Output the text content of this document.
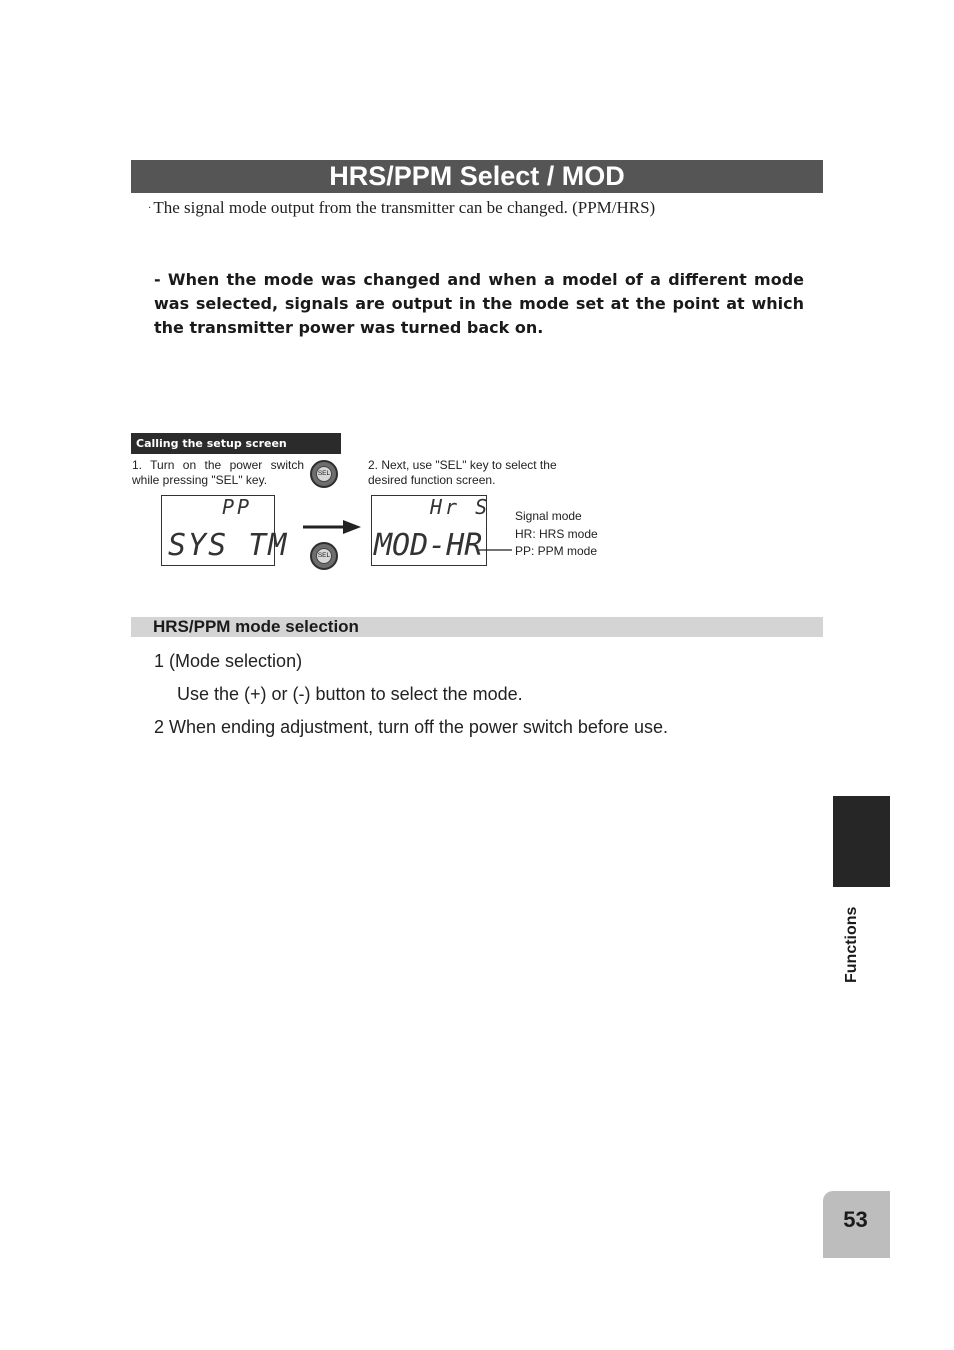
HRS/PPM Select / MOD
· The signal mode output from the transmitter can be changed. (PPM/HRS)
- When the mode was changed and when a model of a different mode was selected, signals are output in the mode set at the point at which the transmitter power was turned back on.
Calling the setup screen
1. Turn on the power switch while pressing "SEL" key.
2. Next, use "SEL" key to select the desired function screen.
SEL
SEL
PP
SYS TM
Hr S
MOD-HR
Signal mode
HR: HRS mode
PP: PPM mode
HRS/PPM mode selection
1 (Mode selection)
Use the (+) or (-) button to select the mode.
2 When ending adjustment, turn off the power switch before use.
Functions
53
